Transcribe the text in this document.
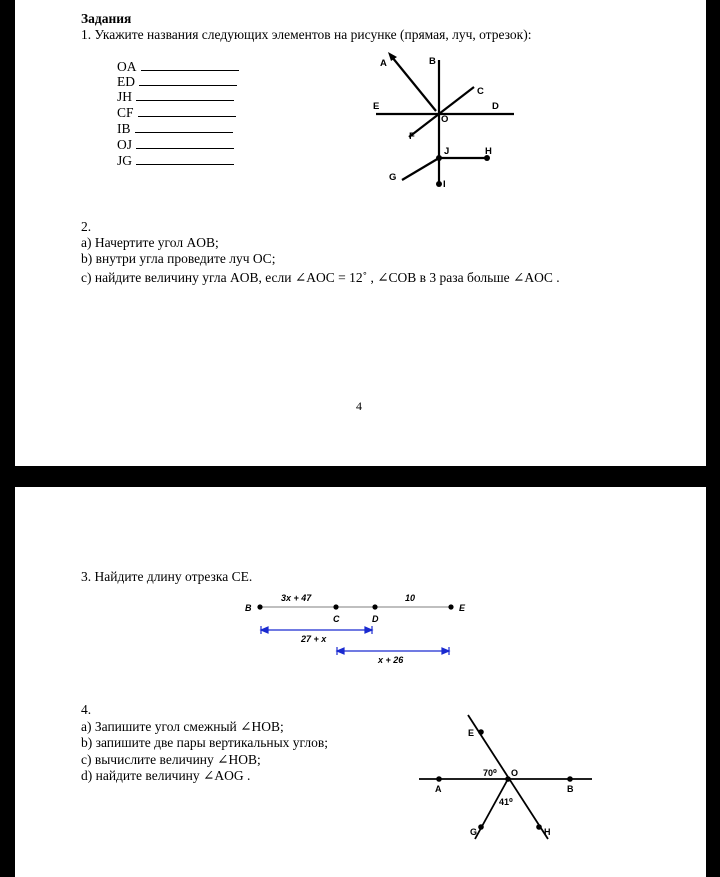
Задания
1. Укажите названия следующих элементов на рисунке (прямая, луч, отрезок):
OA
ED
JH
CF
IB
OJ
JG
A	B
C
D
E
O
F
J	H
G
I
2.
a) Начертите угол AOB;
b) внутри угла проведите луч OC;
c) найдите величину угла AOB, если ∠AOC = 12˚ , ∠COB в 3 раза больше ∠AOC .
4
3. Найдите длину отрезка CE.
B
C	D
E
3x + 47	10
27 + x
x + 26
4.
a) Запишите угол смежный ∠HOB;
b) запишите две пары вертикальных углов;
c) вычислите величину ∠HOB;
d) найдите величину ∠AOG .
E
O
A	B
G	H
70⁰
41⁰
